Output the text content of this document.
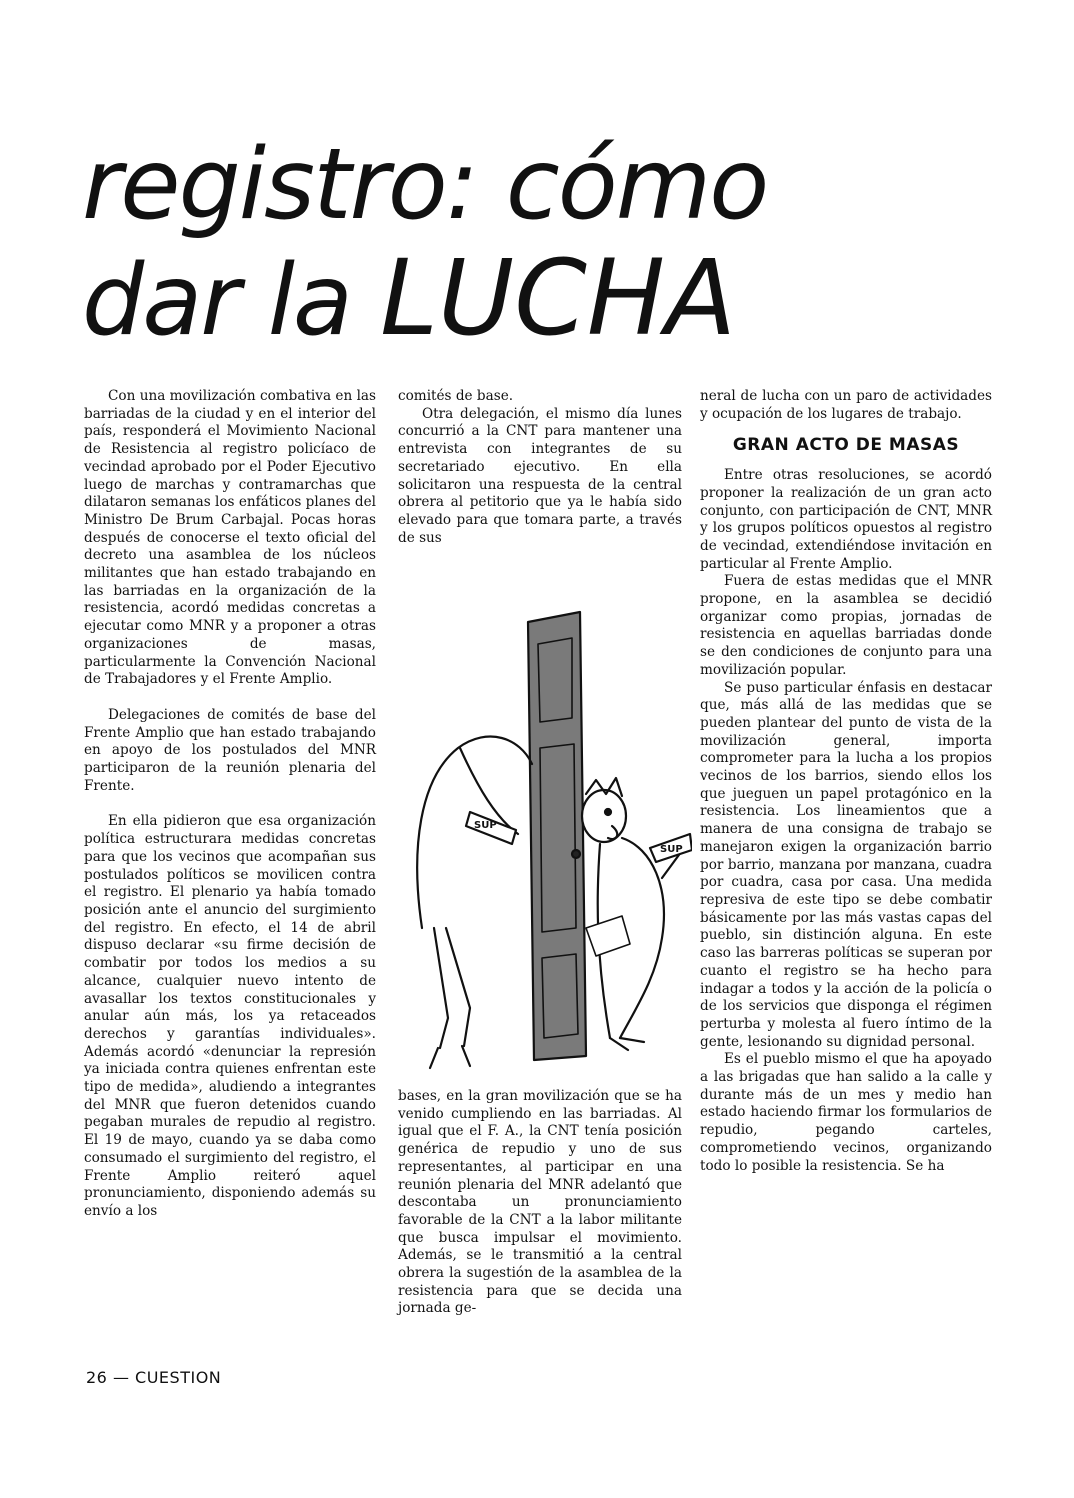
registro: cómo
dar la LUCHA

Con una movilización combativa en las barriadas de la ciudad y en el interior del país, responderá el Movimiento Nacional de Resistencia al registro policíaco de vecindad aprobado por el Poder Ejecutivo luego de marchas y contramarchas que dilataron semanas los enfáticos planes del Ministro De Brum Carbajal. Pocas horas después de conocerse el texto oficial del decreto una asamblea de los núcleos militantes que han estado trabajando en las barriadas en la organización de la resistencia, acordó medidas concretas a ejecutar como MNR y a proponer a otras organizaciones de masas, particularmente la Convención Nacional de Trabajadores y el Frente Amplio.

Delegaciones de comités de base del Frente Amplio que han estado trabajando en apoyo de los postulados del MNR participaron de la reunión plenaria del Frente.

En ella pidieron que esa organización política estructurara medidas concretas para que los vecinos que acompañan sus postulados políticos se movilicen contra el registro. El plenario ya había tomado posición ante el anuncio del surgimiento del registro. En efecto, el 14 de abril dispuso declarar «su firme decisión de combatir por todos los medios a su alcance, cualquier nuevo intento de avasallar los textos constitucionales y anular aún más, los ya retaceados derechos y garantías individuales». Además acordó «denunciar la represión ya iniciada contra quienes enfrentan este tipo de medida», aludiendo a integrantes del MNR que fueron detenidos cuando pegaban murales de repudio al registro. El 19 de mayo, cuando ya se daba como consumado el surgimiento del registro, el Frente Amplio reiteró aquel pronunciamiento, disponiendo además su envío a los

comités de base.

Otra delegación, el mismo día lunes concurrió a la CNT para mantener una entrevista con integrantes de su secretariado ejecutivo. En ella solicitaron una respuesta de la central obrera al petitorio que ya le había sido elevado para que tomara parte, a través de sus

SUP
SUP

bases, en la gran movilización que se ha venido cumpliendo en las barriadas. Al igual que el F. A., la CNT tenía posición genérica de repudio y uno de sus representantes, al participar en una reunión plenaria del MNR adelantó que descontaba un pronunciamiento favorable de la CNT a la labor militante que busca impulsar el movimiento. Además, se le transmitió a la central obrera la sugestión de la asamblea de la resistencia para que se decida una jornada ge-

neral de lucha con un paro de actividades y ocupación de los lugares de trabajo.

GRAN ACTO DE MASAS

Entre otras resoluciones, se acordó proponer la realización de un gran acto conjunto, con participación de CNT, MNR y los grupos políticos opuestos al registro de vecindad, extendiéndose invitación en particular al Frente Amplio.

Fuera de estas medidas que el MNR propone, en la asamblea se decidió organizar como propias, jornadas de resistencia en aquellas barriadas donde se den condiciones de conjunto para una movilización popular.

Se puso particular énfasis en destacar que, más allá de las medidas que se pueden plantear del punto de vista de la movilización general, importa comprometer para la lucha a los propios vecinos de los barrios, siendo ellos los que jueguen un papel protagónico en la resistencia. Los lineamientos que a manera de una consigna de trabajo se manejaron exigen la organización barrio por barrio, manzana por manzana, cuadra por cuadra, casa por casa. Una medida represiva de este tipo se debe combatir básicamente por las más vastas capas del pueblo, sin distinción alguna. En este caso las barreras políticas se superan por cuanto el registro se ha hecho para indagar a todos y la acción de la policía o de los servicios que disponga el régimen perturba y molesta al fuero íntimo de la gente, lesionando su dignidad personal.

Es el pueblo mismo el que ha apoyado a las brigadas que han salido a la calle y durante más de un mes y medio han estado haciendo firmar los formularios de repudio, pegando carteles, comprometiendo vecinos, organizando todo lo posible la resistencia. Se ha

26 — CUESTION
